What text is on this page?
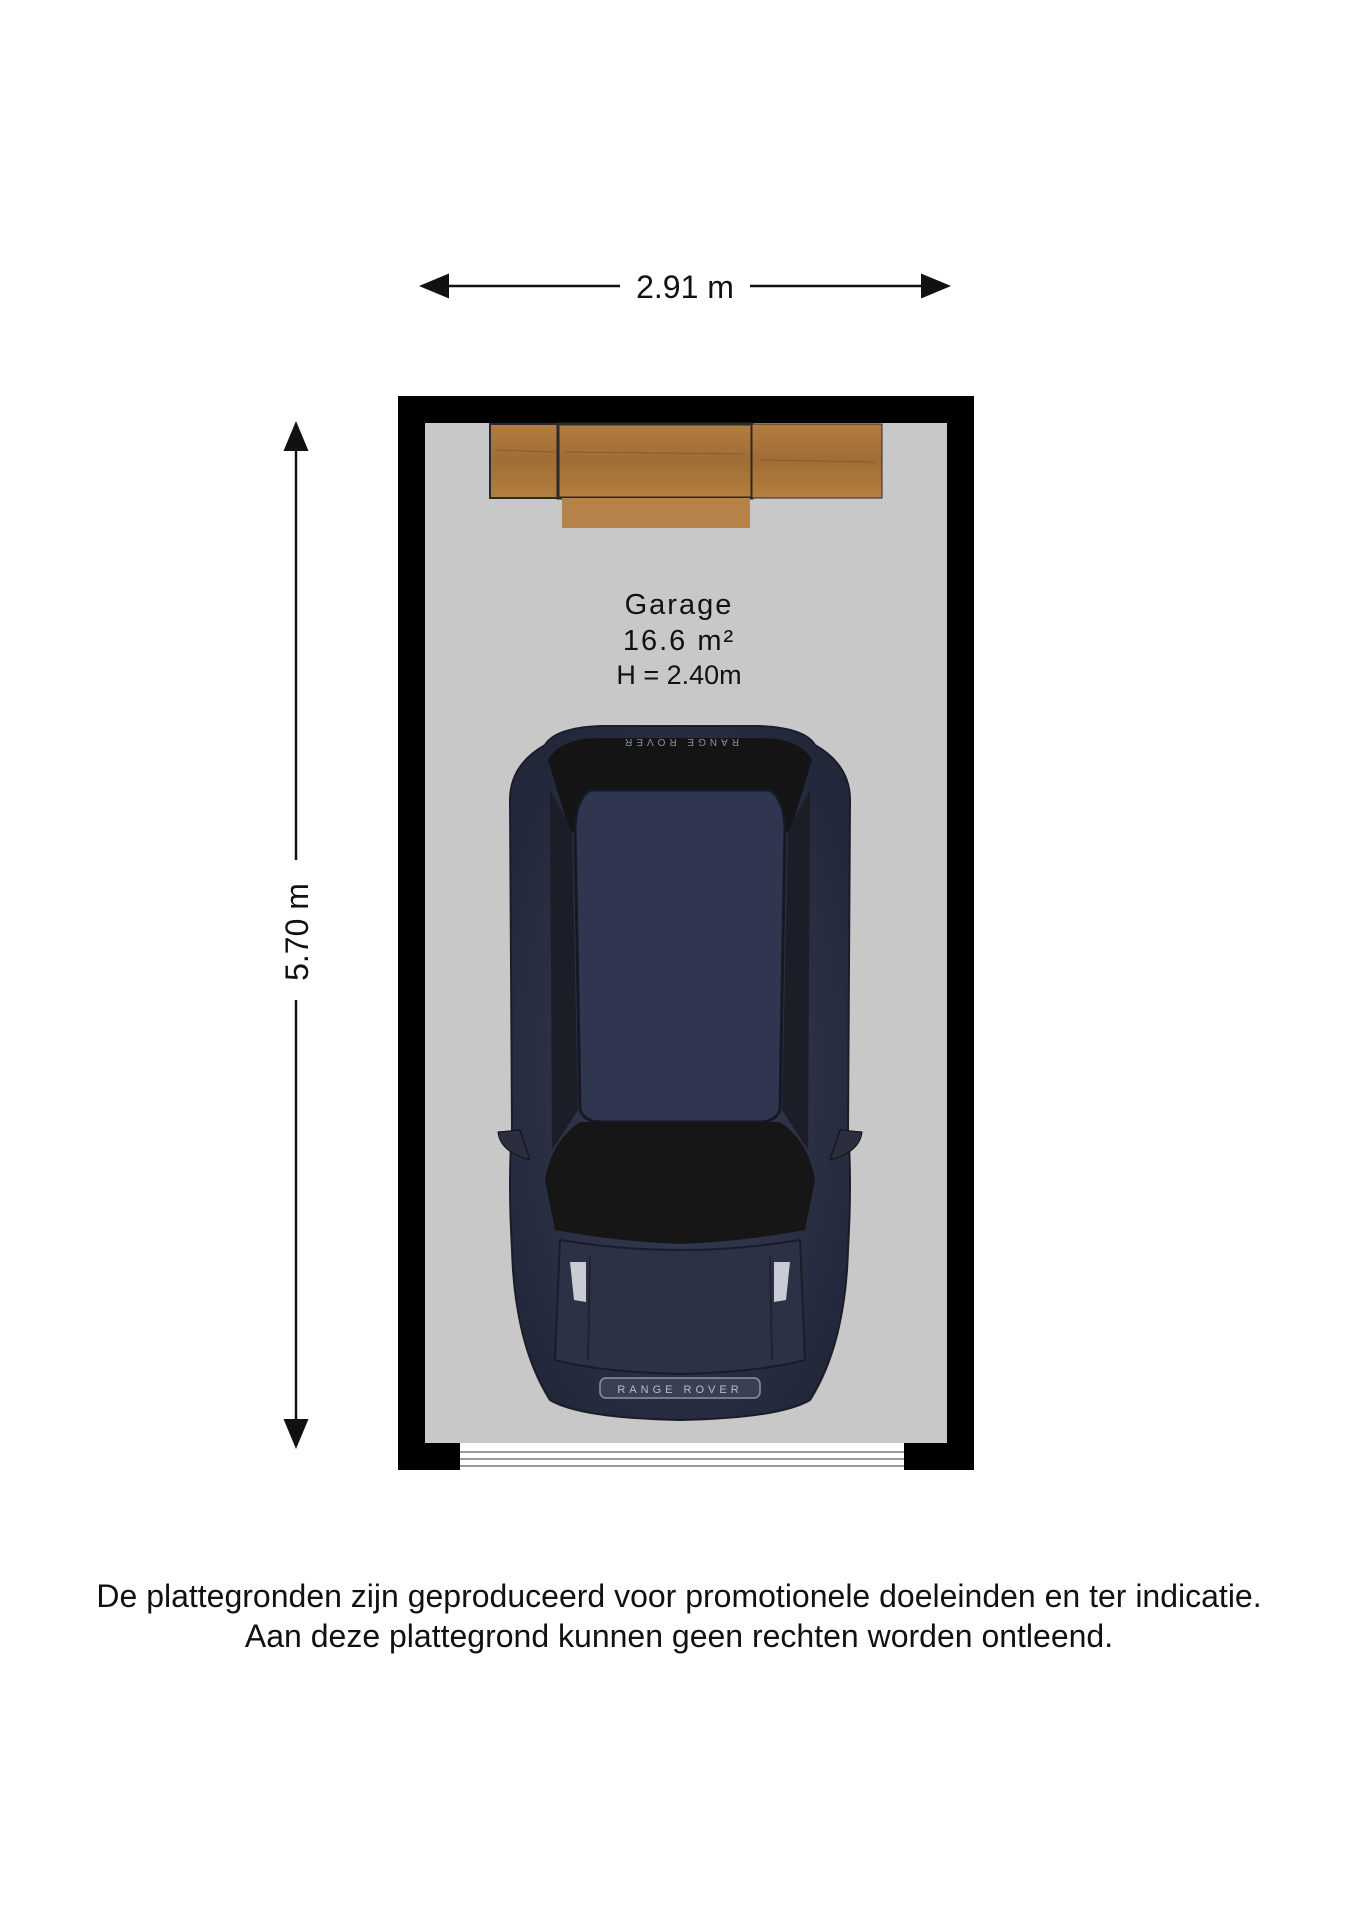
2.91 m
5.70 m
Garage
16.6 m²
H = 2.40m
RANGE ROVER
RANGE ROVER
De plattegronden zijn geproduceerd voor promotionele doeleinden en ter indicatie.
Aan deze plattegrond kunnen geen rechten worden ontleend.
